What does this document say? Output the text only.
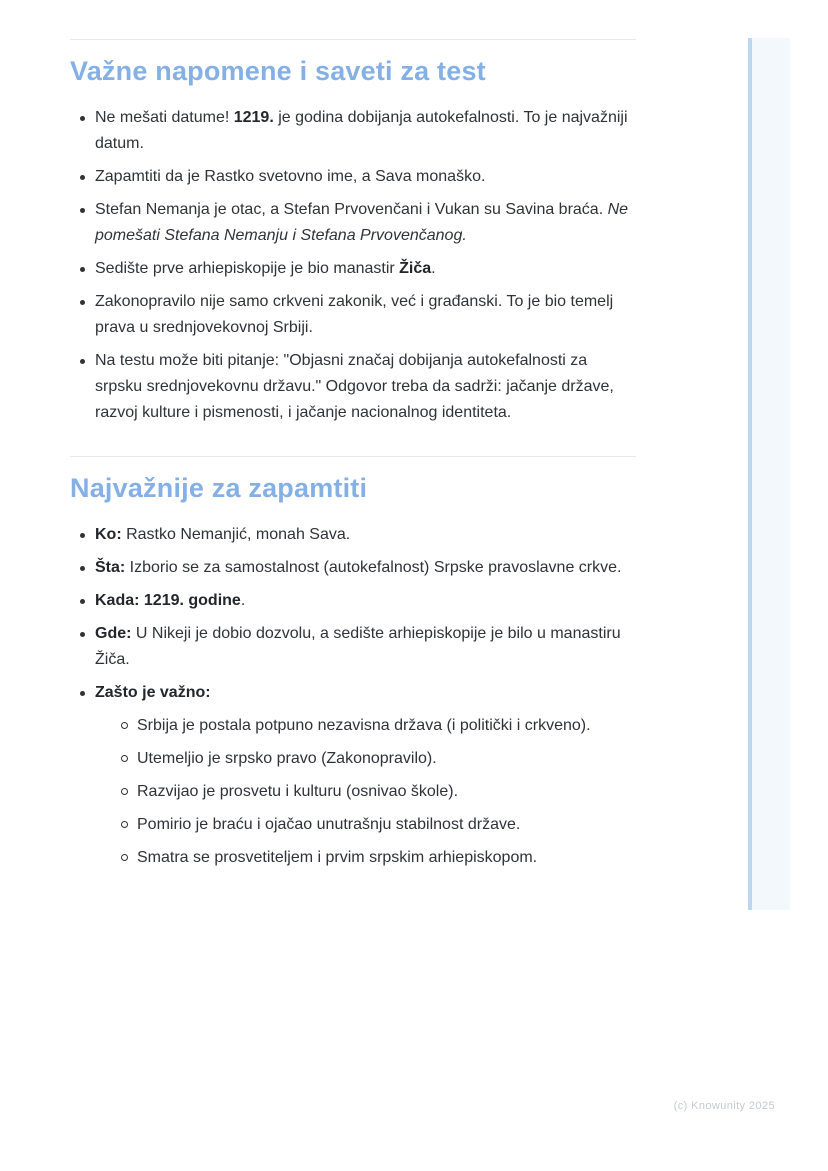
Važne napomene i saveti za test
Ne mešati datume! 1219. je godina dobijanja autokefalnosti. To je najvažniji datum.
Zapamtiti da je Rastko svetovno ime, a Sava monaško.
Stefan Nemanja je otac, a Stefan Prvovenčani i Vukan su Savina braća. Ne pomešati Stefana Nemanju i Stefana Prvovenčanog.
Sedište prve arhiepiskopije je bio manastir Žiča.
Zakonopravilo nije samo crkveni zakonik, već i građanski. To je bio temelj prava u srednjovekovnoj Srbiji.
Na testu može biti pitanje: "Objasni značaj dobijanja autokefalnosti za srpsku srednjovekovnu državu." Odgovor treba da sadrži: jačanje države, razvoj kulture i pismenosti, i jačanje nacionalnog identiteta.
Najvažnije za zapamtiti
Ko: Rastko Nemanjić, monah Sava.
Šta: Izborio se za samostalnost (autokefalnost) Srpske pravoslavne crkve.
Kada: 1219. godine.
Gde: U Nikeji je dobio dozvolu, a sedište arhiepiskopije je bilo u manastiru Žiča.
Zašto je važno:
Srbija je postala potpuno nezavisna država (i politički i crkveno).
Utemeljio je srpsko pravo (Zakonopravilo).
Razvijao je prosvetu i kulturu (osnivao škole).
Pomirio je braću i ojačao unutrašnju stabilnost države.
Smatra se prosvetiteljem i prvim srpskim arhiepiskopom.
(c) Knowunity 2025
